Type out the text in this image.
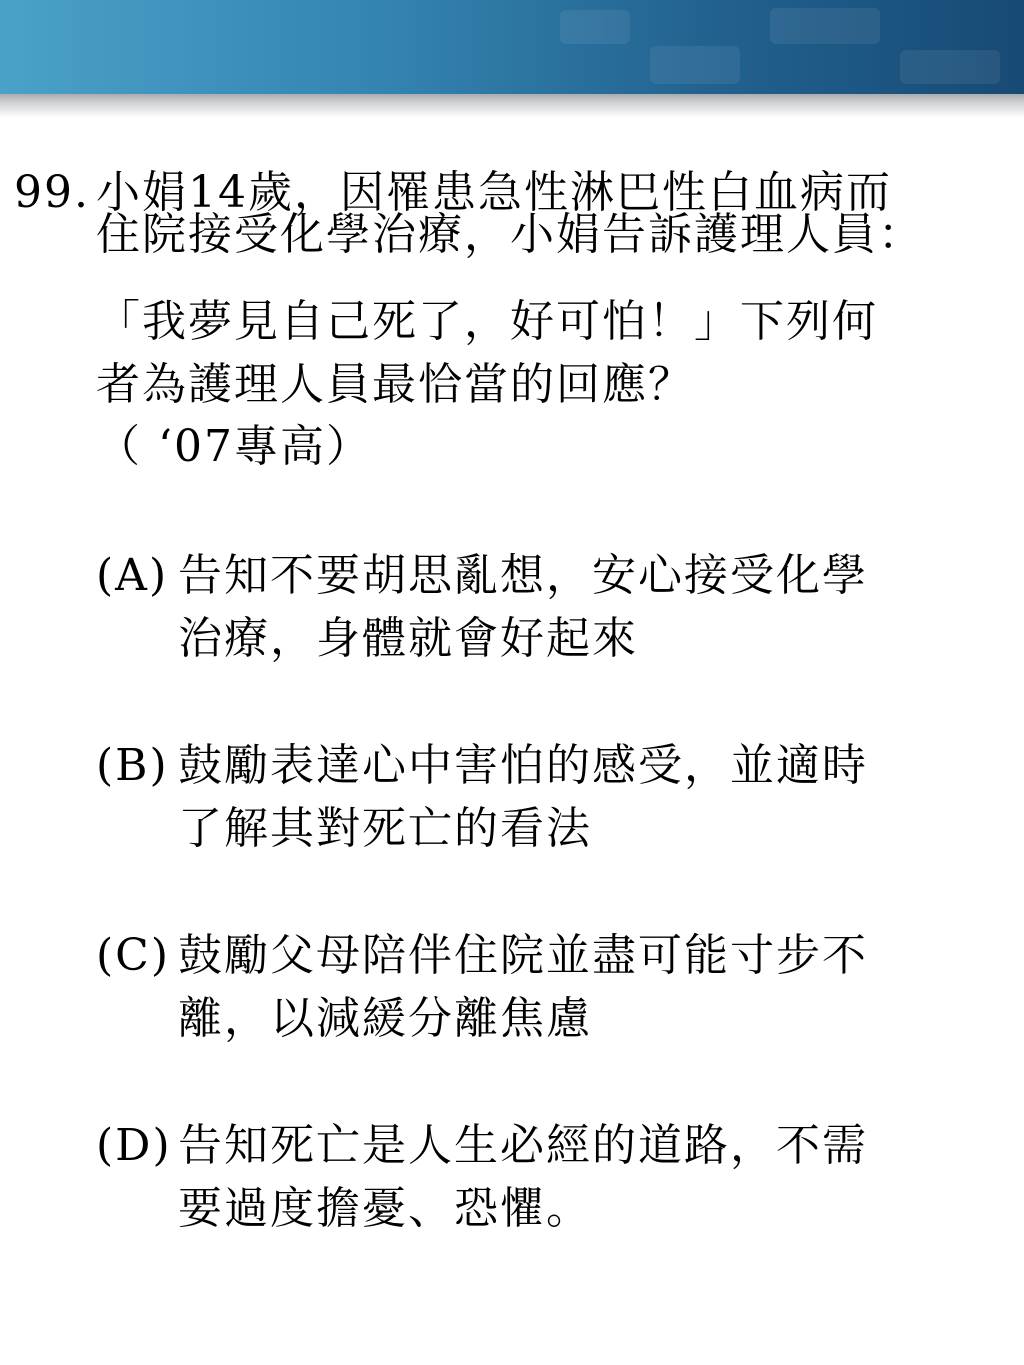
99. 小娟14歲，因罹患急性淋巴性白血病而
住院接受化學治療，小娟告訴護理人員：
「我夢見自己死了，好可怕！」下列何
者為護理人員最恰當的回應？
（ ‘07專高）
(A) 告知不要胡思亂想，安心接受化學
治療，身體就會好起來
(B) 鼓勵表達心中害怕的感受，並適時
了解其對死亡的看法
(C) 鼓勵父母陪伴住院並盡可能寸步不
離，以減緩分離焦慮
(D) 告知死亡是人生必經的道路，不需
要過度擔憂、恐懼。
